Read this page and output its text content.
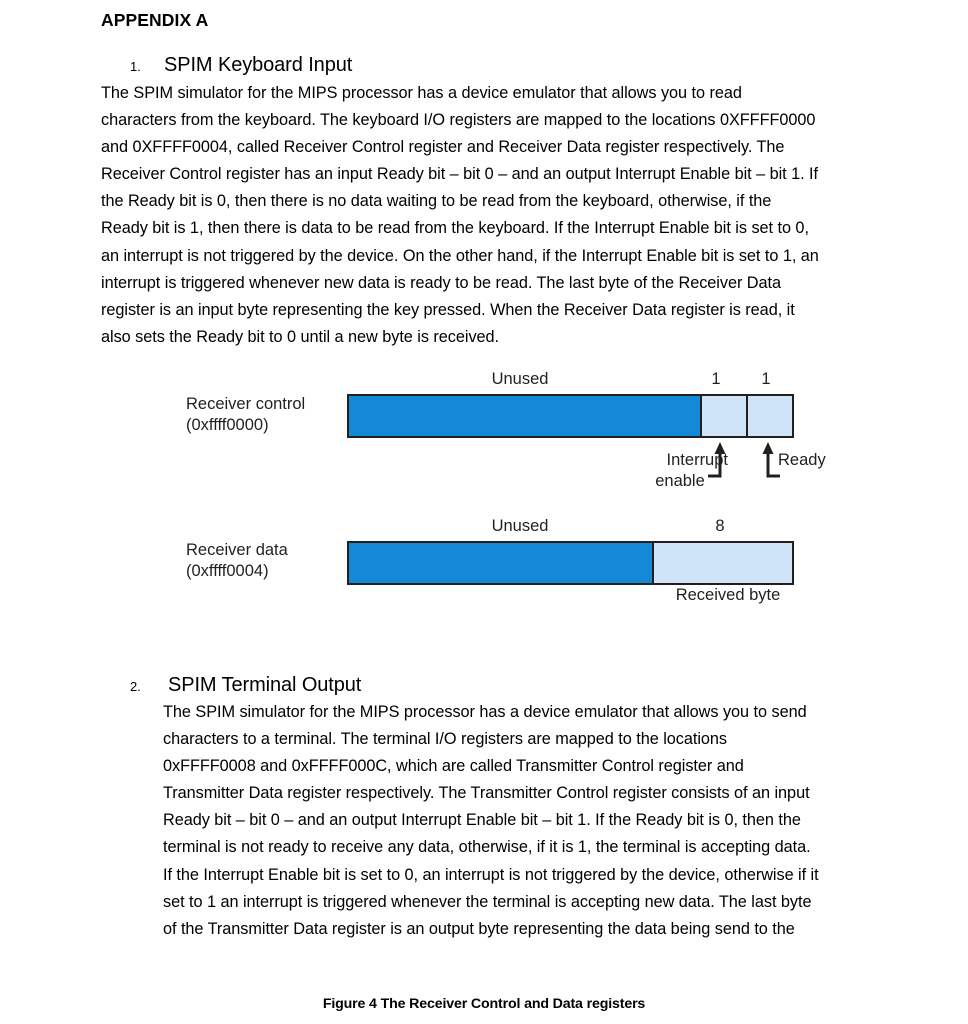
APPENDIX A
1.	SPIM Keyboard Input
The SPIM simulator for the MIPS processor has a device emulator that allows you to read
characters from the keyboard. The keyboard I/O registers are mapped to the locations 0XFFFF0000
and 0XFFFF0004, called Receiver Control register and Receiver Data register respectively. The
Receiver Control register has an input Ready bit – bit 0 – and an output Interrupt Enable bit – bit 1. If
the Ready bit is 0, then there is no data waiting to be read from the keyboard, otherwise, if the
Ready bit is 1, then there is data to be read from the keyboard. If the Interrupt Enable bit is set to 0,
an interrupt is not triggered by the device. On the other hand, if the Interrupt Enable bit is set to 1, an
interrupt is triggered whenever new data is ready to be read. The last byte of the Receiver Data
register is an input byte representing the key pressed. When the Receiver Data register is read, it
also sets the Ready bit to 0 until a new byte is received.
Receiver control
(0xffff0000)
Unused	1	1
Interrupt
enable
Ready
Receiver data
(0xffff0004)
Unused	8
Received byte
Figure 4 The Receiver Control and Data registers
2.	SPIM Terminal Output
The SPIM simulator for the MIPS processor has a device emulator that allows you to send
characters to a terminal. The terminal I/O registers are mapped to the locations
0xFFFF0008 and 0xFFFF000C, which are called Transmitter Control register and
Transmitter Data register respectively. The Transmitter Control register consists of an input
Ready bit – bit 0 – and an output Interrupt Enable bit – bit 1. If the Ready bit is 0, then the
terminal is not ready to receive any data, otherwise, if it is 1, the terminal is accepting data.
If the Interrupt Enable bit is set to 0, an interrupt is not triggered by the device, otherwise if it
set to 1 an interrupt is triggered whenever the terminal is accepting new data. The last byte
of the Transmitter Data register is an output byte representing the data being send to the
